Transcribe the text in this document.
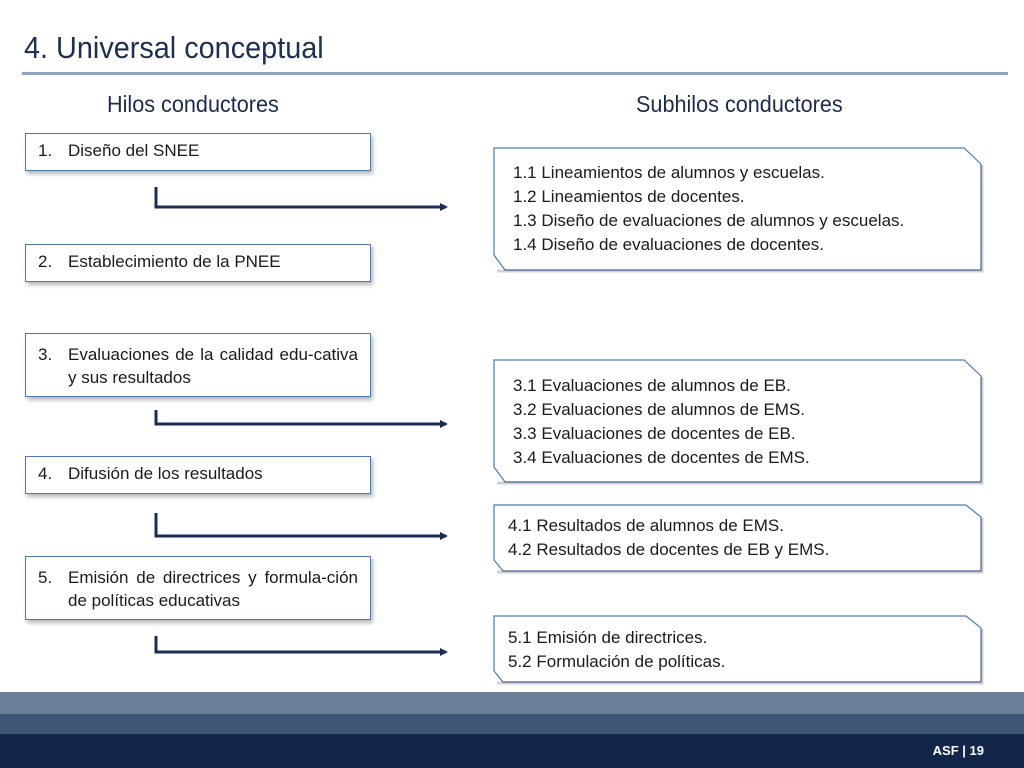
4. Universal conceptual
Hilos conductores	Subhilos conductores
1. Diseño del SNEE
2. Establecimiento de la PNEE
3. Evaluaciones de la calidad edu-cativa y sus resultados
4. Difusión de los resultados
5. Emisión de directrices y formula-ción de políticas educativas
1.1 Lineamientos de alumnos y escuelas.
1.2 Lineamientos de docentes.
1.3 Diseño de evaluaciones de alumnos y escuelas.
1.4 Diseño de evaluaciones de docentes.
3.1 Evaluaciones de alumnos de EB.
3.2 Evaluaciones de alumnos de EMS.
3.3 Evaluaciones de docentes de EB.
3.4 Evaluaciones de docentes de EMS.
4.1 Resultados de alumnos de EMS.
4.2 Resultados de docentes de EB y EMS.
5.1 Emisión de directrices.
5.2 Formulación de políticas.
ASF | 19
